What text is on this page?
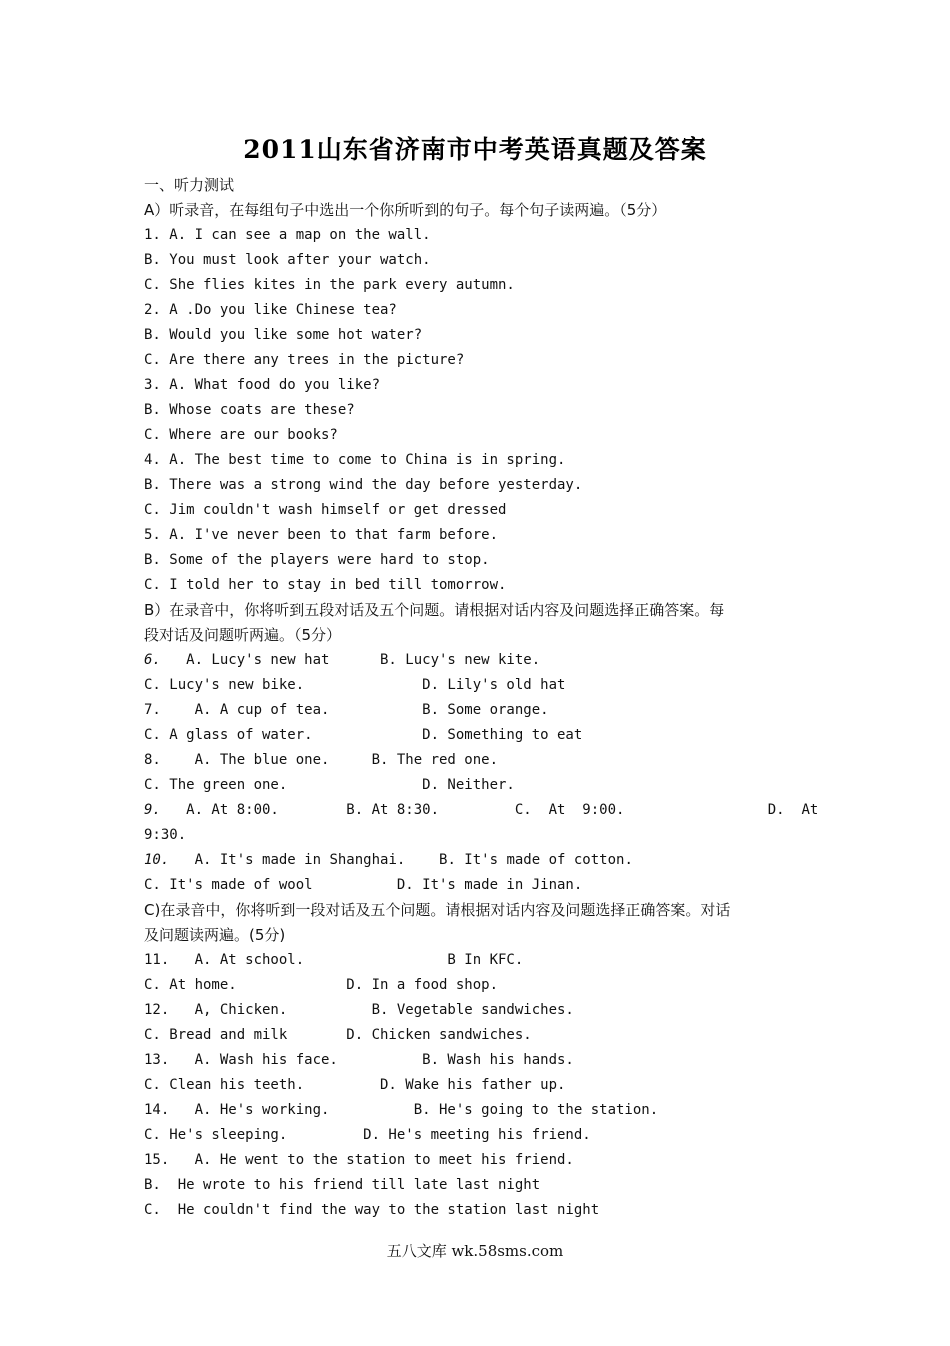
2011山东省济南市中考英语真题及答案
一、听力测试
A）听录音，在每组句子中选出一个你所听到的句子。每个句子读两遍。（5分）
1. A. I can see a map on the wall.
B. You must look after your watch.
C. She flies kites in the park every autumn.
2. A .Do you like Chinese tea?
B. Would you like some hot water?
C. Are there any trees in the picture?
3. A. What food do you like?
B. Whose coats are these?
C. Where are our books?
4. A. The best time to come to China is in spring.
B. There was a strong wind the day before yesterday.
C. Jim couldn't wash himself or get dressed
5. A. I've never been to that farm before.
B. Some of the players were hard to stop.
C. I told her to stay in bed till tomorrow.
B）在录音中，你将听到五段对话及五个问题。请根据对话内容及问题选择正确答案。每
段对话及问题听两遍。（5分）
6.   A. Lucy's new hat      B. Lucy's new kite.
C. Lucy's new bike.              D. Lily's old hat
7.    A. A cup of tea.           B. Some orange.
C. A glass of water.             D. Something to eat
8.    A. The blue one.     B. The red one.
C. The green one.                D. Neither.
9.   A. At 8:00.        B. At 8:30.         C.  At  9:00.                 D.  At
9:30.
10.   A. It's made in Shanghai.    B. It's made of cotton.
C. It's made of wool          D. It's made in Jinan.
C)在录音中，你将听到一段对话及五个问题。请根据对话内容及问题选择正确答案。对话
及问题读两遍。(5分)
11.   A. At school.                 B In KFC.
C. At home.             D. In a food shop.
12.   A, Chicken.          B. Vegetable sandwiches.
C. Bread and milk       D. Chicken sandwiches.
13.   A. Wash his face.          B. Wash his hands.
C. Clean his teeth.         D. Wake his father up.
14.   A. He's working.          B. He's going to the station.
C. He's sleeping.         D. He's meeting his friend.
15.   A. He went to the station to meet his friend.
B.  He wrote to his friend till late last night
C.  He couldn't find the way to the station last night
五八文库 wk.58sms.com
